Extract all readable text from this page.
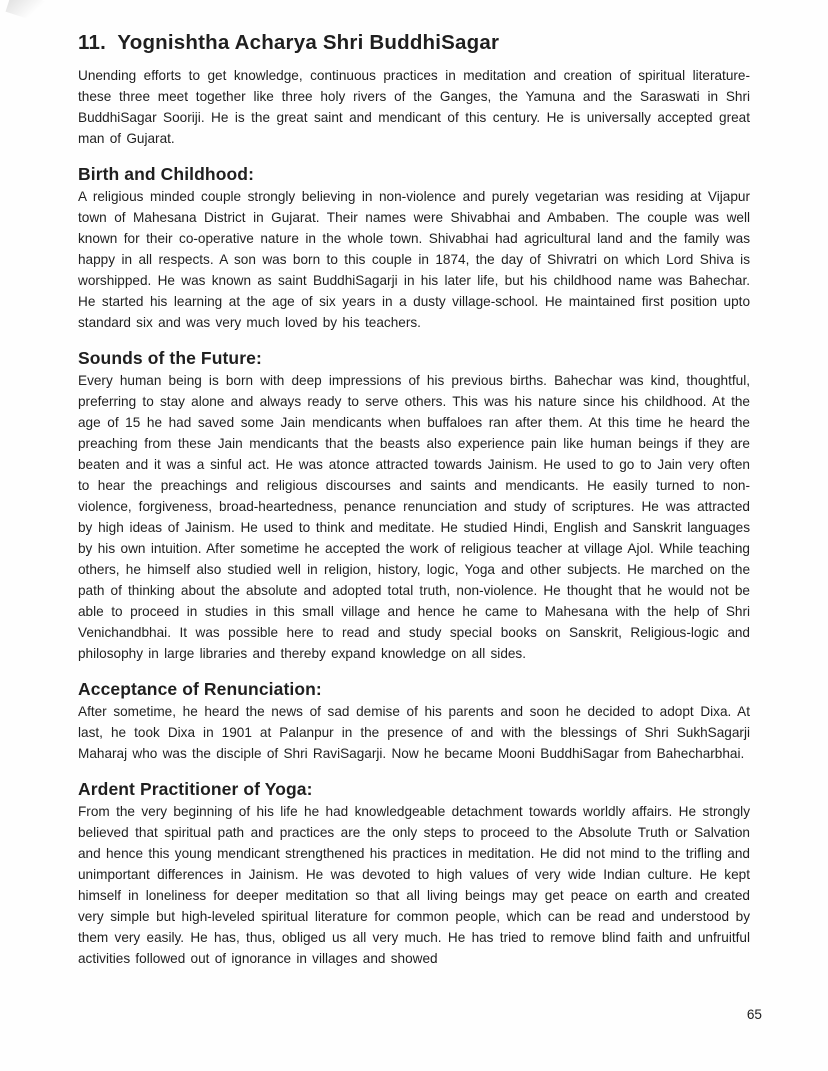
11.  Yognishtha Acharya Shri BuddhiSagar

Unending efforts to get knowledge, continuous practices in meditation and creation of spiritual literature-these three meet together like three holy rivers of the Ganges, the Yamuna and the Saraswati in Shri BuddhiSagar Sooriji. He is the great saint and mendicant of this century. He is universally accepted great man of Gujarat.

Birth and Childhood:

A religious minded couple strongly believing in non-violence and purely vegetarian was residing at Vijapur town of Mahesana District in Gujarat. Their names were Shivabhai and Ambaben. The couple was well known for their co-operative nature in the whole town. Shivabhai had agricultural land and the family was happy in all respects. A son was born to this couple in 1874, the day of Shivratri on which Lord Shiva is worshipped. He was known as saint BuddhiSagarji in his later life, but his childhood name was Bahechar. He started his learning at the age of six years in a dusty village-school. He maintained first position upto standard six and was very much loved by his teachers.

Sounds of the Future:

Every human being is born with deep impressions of his previous births. Bahechar was kind, thoughtful, preferring to stay alone and always ready to serve others. This was his nature since his childhood. At the age of 15 he had saved some Jain mendicants when buffaloes ran after them. At this time he heard the preaching from these Jain mendicants that the beasts also experience pain like human beings if they are beaten and it was a sinful act. He was atonce attracted towards Jainism. He used to go to Jain very often to hear the preachings and religious discourses and saints and mendicants. He easily turned to non-violence, forgiveness, broad-heartedness, penance renunciation and study of scriptures. He was attracted by high ideas of Jainism. He used to think and meditate. He studied Hindi, English and Sanskrit languages by his own intuition. After sometime he accepted the work of religious teacher at village Ajol. While teaching others, he himself also studied well in religion, history, logic, Yoga and other subjects. He marched on the path of thinking about the absolute and adopted total truth, non-violence. He thought that he would not be able to proceed in studies in this small village and hence he came to Mahesana with the help of Shri Venichandbhai. It was possible here to read and study special books on Sanskrit, Religious-logic and philosophy in large libraries and thereby expand knowledge on all sides.

Acceptance of Renunciation:

After sometime, he heard the news of sad demise of his parents and soon he decided to adopt Dixa. At last, he took Dixa in 1901 at Palanpur in the presence of and with the blessings of Shri SukhSagarji Maharaj who was the disciple of Shri RaviSagarji. Now he became Mooni BuddhiSagar from Bahecharbhai.

Ardent Practitioner of Yoga:

From the very beginning of his life he had knowledgeable detachment towards worldly affairs. He strongly believed that spiritual path and practices are the only steps to proceed to the Absolute Truth or Salvation and hence this young mendicant strengthened his practices in meditation. He did not mind to the trifling and unimportant differences in Jainism. He was devoted to high values of very wide Indian culture. He kept himself in loneliness for deeper meditation so that all living beings may get peace on earth and created very simple but high-leveled spiritual literature for common people, which can be read and understood by them very easily. He has, thus, obliged us all very much. He has tried to remove blind faith and unfruitful activities followed out of ignorance in villages and showed

65
